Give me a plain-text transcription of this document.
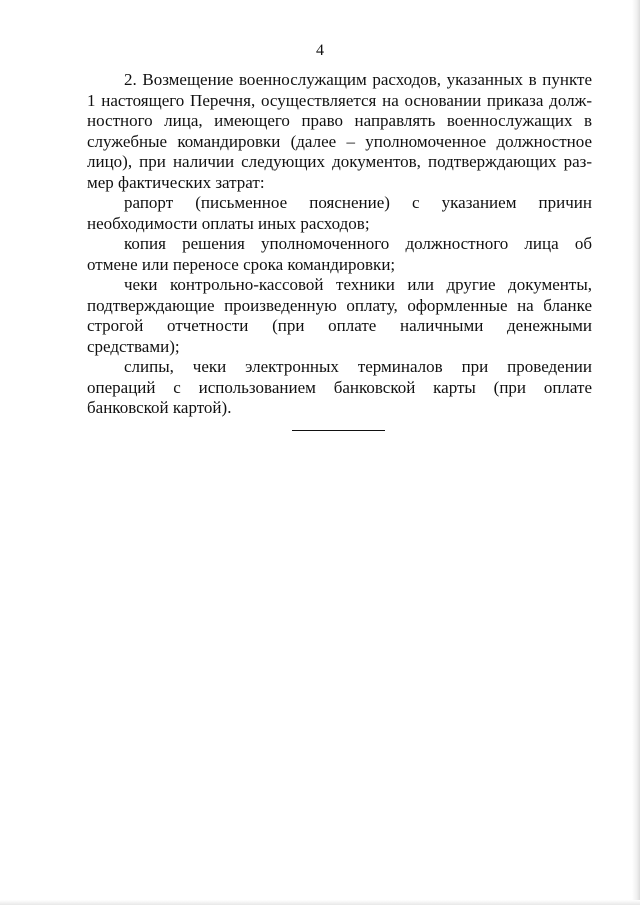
4
2. Возмещение военнослужащим расходов, указанных в пункте
1 настоящего Перечня, осуществляется на основании приказа долж-
ностного лица, имеющего право направлять военнослужащих в
служебные командировки (далее – уполномоченное должностное
лицо), при наличии следующих документов, подтверждающих раз-
мер фактических затрат:
рапорт (письменное пояснение) с указанием причин
необходимости оплаты иных расходов;
копия решения уполномоченного должностного лица об
отмене или переносе срока командировки;
чеки контрольно-кассовой техники или другие документы,
подтверждающие произведенную оплату, оформленные на бланке
строгой отчетности (при оплате наличными денежными
средствами);
слипы, чеки электронных терминалов при проведении
операций с использованием банковской карты (при оплате
банковской картой).
